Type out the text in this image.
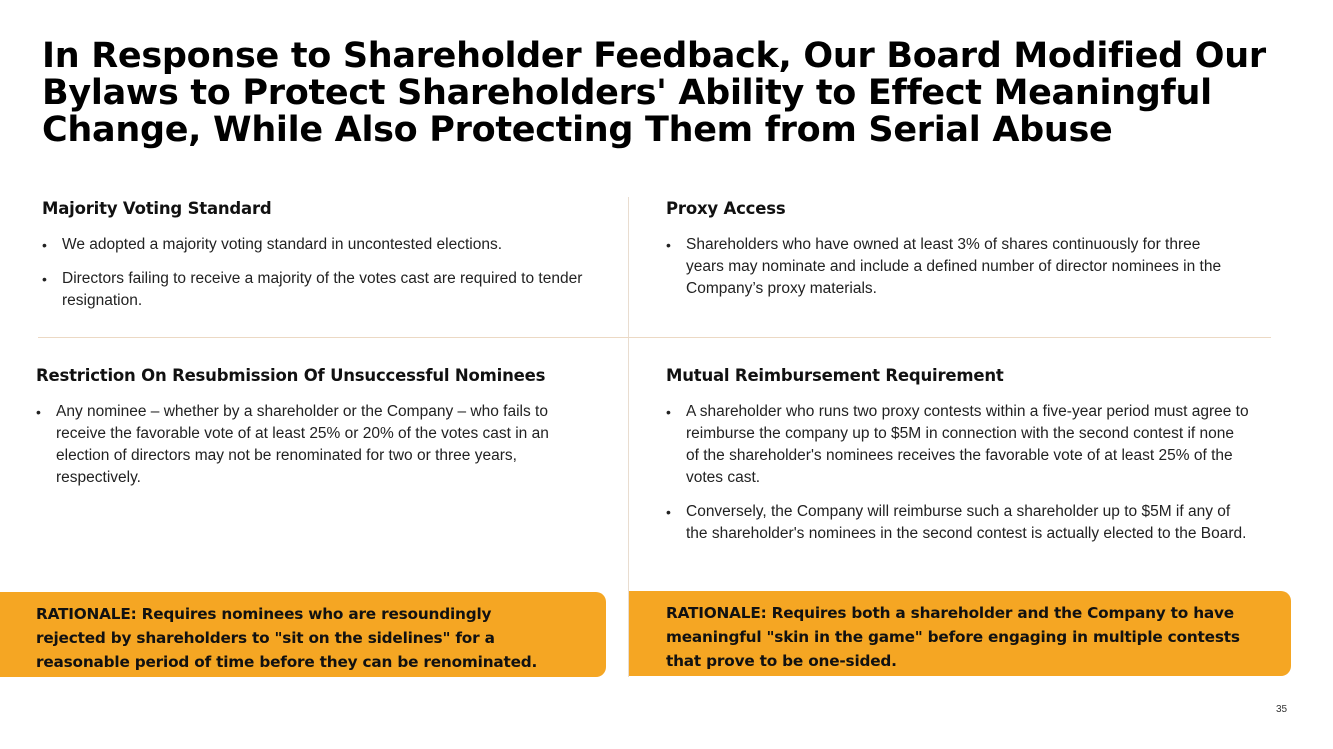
In Response to Shareholder Feedback, Our Board Modified Our Bylaws to Protect Shareholders' Ability to Effect Meaningful Change, While Also Protecting Them from Serial Abuse
Majority Voting Standard
• We adopted a majority voting standard in uncontested elections.
• Directors failing to receive a majority of the votes cast are required to tender resignation.
Proxy Access
• Shareholders who have owned at least 3% of shares continuously for three years may nominate and include a defined number of director nominees in the Company’s proxy materials.
Restriction On Resubmission Of Unsuccessful Nominees
• Any nominee – whether by a shareholder or the Company – who fails to receive the favorable vote of at least 25% or 20% of the votes cast in an election of directors may not be renominated for two or three years, respectively.
Mutual Reimbursement Requirement
• A shareholder who runs two proxy contests within a five-year period must agree to reimburse the company up to $5M in connection with the second contest if none of the shareholder's nominees receives the favorable vote of at least 25% of the votes cast.
• Conversely, the Company will reimburse such a shareholder up to $5M if any of the shareholder's nominees in the second contest is actually elected to the Board.
RATIONALE: Requires nominees who are resoundingly rejected by shareholders to "sit on the sidelines" for a reasonable period of time before they can be renominated.
RATIONALE: Requires both a shareholder and the Company to have meaningful "skin in the game" before engaging in multiple contests that prove to be one-sided.
35
